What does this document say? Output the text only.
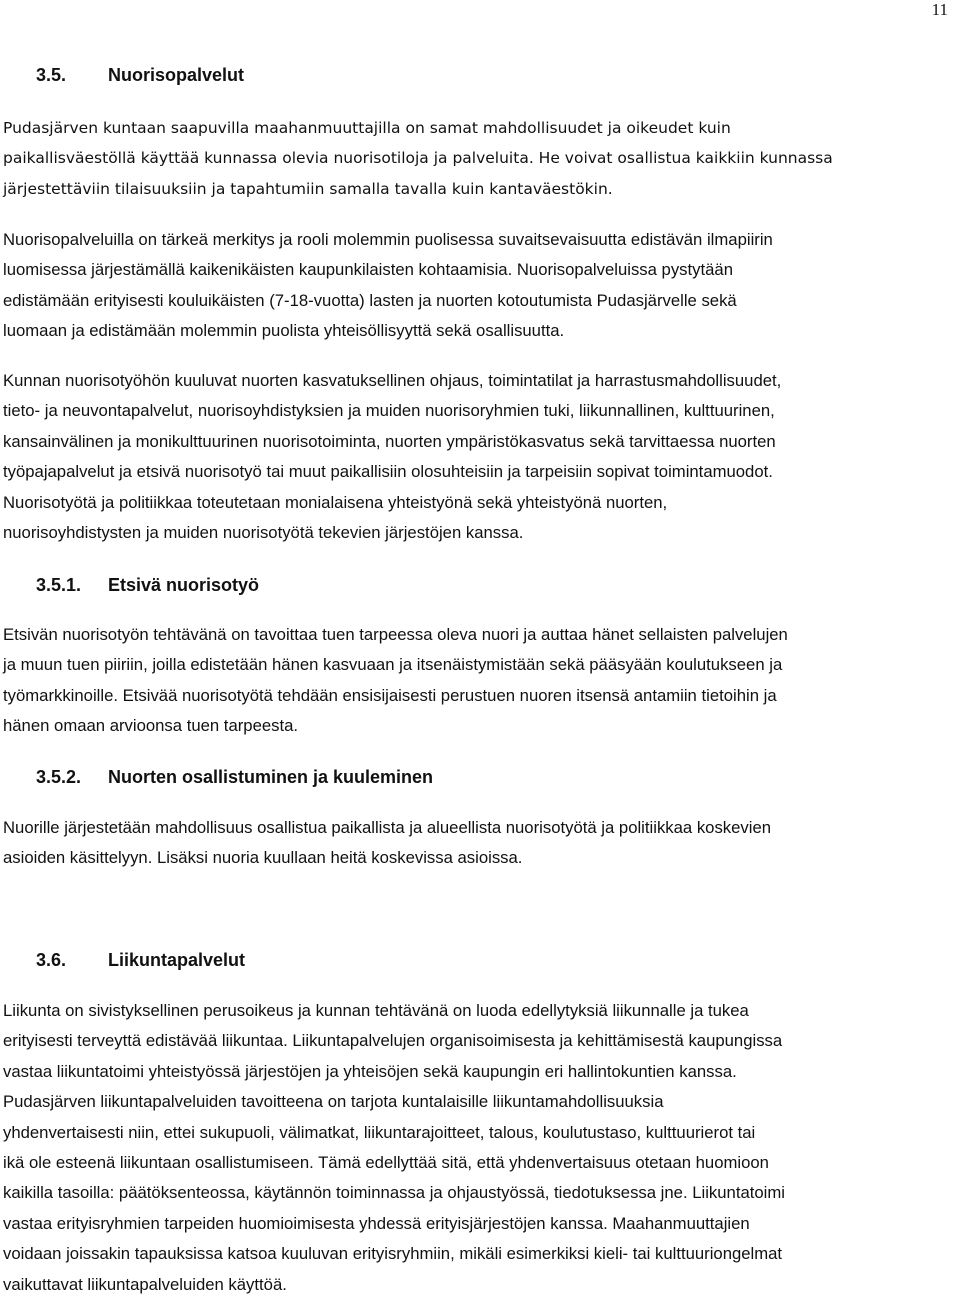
11
3.5. Nuorisopalvelut
Pudasjärven kuntaan saapuvilla maahanmuuttajilla on samat mahdollisuudet ja oikeudet kuin
paikallisväestöllä käyttää kunnassa olevia nuorisotiloja ja palveluita. He voivat osallistua kaikkiin kunnassa
järjestettäviin tilaisuuksiin ja tapahtumiin samalla tavalla kuin kantaväestökin.
Nuorisopalveluilla on tärkeä merkitys ja rooli molemmin puolisessa suvaitsevaisuutta edistävän ilmapiirin
luomisessa järjestämällä kaikenikäisten kaupunkilaisten kohtaamisia. Nuorisopalveluissa pystytään
edistämään erityisesti kouluikäisten (7-18-vuotta) lasten ja nuorten kotoutumista Pudasjärvelle sekä
luomaan ja edistämään molemmin puolista yhteisöllisyyttä sekä osallisuutta.
Kunnan nuorisotyöhön kuuluvat nuorten kasvatuksellinen ohjaus, toimintatilat ja harrastusmahdollisuudet,
tieto- ja neuvontapalvelut, nuorisoyhdistyksien ja muiden nuorisoryhmien tuki, liikunnallinen, kulttuurinen,
kansainvälinen ja monikulttuurinen nuorisotoiminta, nuorten ympäristökasvatus sekä tarvittaessa nuorten
työpajapalvelut ja etsivä nuorisotyö tai muut paikallisiin olosuhteisiin ja tarpeisiin sopivat toimintamuodot.
Nuorisotyötä ja politiikkaa toteutetaan monialaisena yhteistyönä sekä yhteistyönä nuorten,
nuorisoyhdistysten ja muiden nuorisotyötä tekevien järjestöjen kanssa.
3.5.1. Etsivä nuorisotyö
Etsivän nuorisotyön tehtävänä on tavoittaa tuen tarpeessa oleva nuori ja auttaa hänet sellaisten palvelujen
ja muun tuen piiriin, joilla edistetään hänen kasvuaan ja itsenäistymistään sekä pääsyään koulutukseen ja
työmarkkinoille. Etsivää nuorisotyötä tehdään ensisijaisesti perustuen nuoren itsensä antamiin tietoihin ja
hänen omaan arvioonsa tuen tarpeesta.
3.5.2. Nuorten osallistuminen ja kuuleminen
Nuorille järjestetään mahdollisuus osallistua paikallista ja alueellista nuorisotyötä ja politiikkaa koskevien
asioiden käsittelyyn. Lisäksi nuoria kuullaan heitä koskevissa asioissa.
3.6. Liikuntapalvelut
Liikunta on sivistyksellinen perusoikeus ja kunnan tehtävänä on luoda edellytyksiä liikunnalle ja tukea
erityisesti terveyttä edistävää liikuntaa. Liikuntapalvelujen organisoimisesta ja kehittämisestä kaupungissa
vastaa liikuntatoimi yhteistyössä järjestöjen ja yhteisöjen sekä kaupungin eri hallintokuntien kanssa.
Pudasjärven liikuntapalveluiden tavoitteena on tarjota kuntalaisille liikuntamahdollisuuksia
yhdenvertaisesti niin, ettei sukupuoli, välimatkat, liikuntarajoitteet, talous, koulutustaso, kulttuurierot tai
ikä ole esteenä liikuntaan osallistumiseen. Tämä edellyttää sitä, että yhdenvertaisuus otetaan huomioon
kaikilla tasoilla: päätöksenteossa, käytännön toiminnassa ja ohjaustyössä, tiedotuksessa jne. Liikuntatoimi
vastaa erityisryhmien tarpeiden huomioimisesta yhdessä erityisjärjestöjen kanssa. Maahanmuuttajien
voidaan joissakin tapauksissa katsoa kuuluvan erityisryhmiin, mikäli esimerkiksi kieli- tai kulttuuriongelmat
vaikuttavat liikuntapalveluiden käyttöä.
